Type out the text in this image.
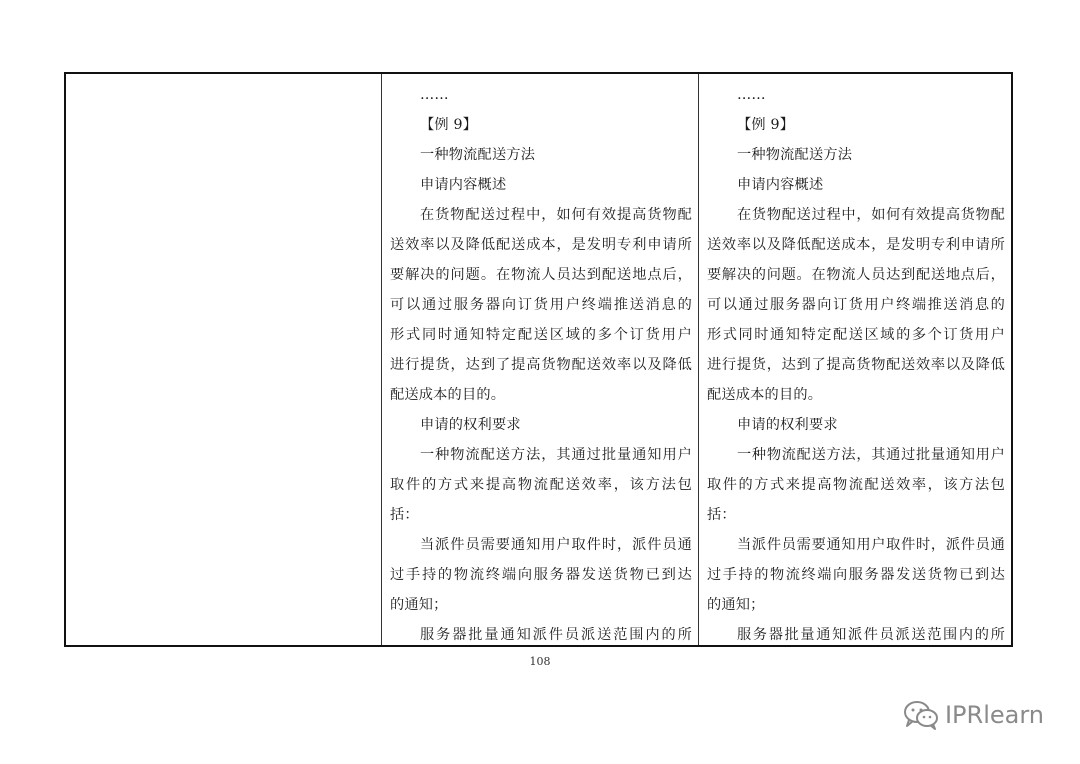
……
【例 9】
一种物流配送方法
申请内容概述
在货物配送过程中，如何有效提高货物配
送效率以及降低配送成本，是发明专利申请所
要解决的问题。在物流人员达到配送地点后，
可以通过服务器向订货用户终端推送消息的
形式同时通知特定配送区域的多个订货用户
进行提货，达到了提高货物配送效率以及降低
配送成本的目的。
申请的权利要求
一种物流配送方法，其通过批量通知用户
取件的方式来提高物流配送效率，该方法包
括：
当派件员需要通知用户取件时，派件员通
过手持的物流终端向服务器发送货物已到达
的通知；
服务器批量通知派件员派送范围内的所
……
【例 9】
一种物流配送方法
申请内容概述
在货物配送过程中，如何有效提高货物配
送效率以及降低配送成本，是发明专利申请所
要解决的问题。在物流人员达到配送地点后，
可以通过服务器向订货用户终端推送消息的
形式同时通知特定配送区域的多个订货用户
进行提货，达到了提高货物配送效率以及降低
配送成本的目的。
申请的权利要求
一种物流配送方法，其通过批量通知用户
取件的方式来提高物流配送效率，该方法包
括：
当派件员需要通知用户取件时，派件员通
过手持的物流终端向服务器发送货物已到达
的通知；
服务器批量通知派件员派送范围内的所
108
IPRlearn
